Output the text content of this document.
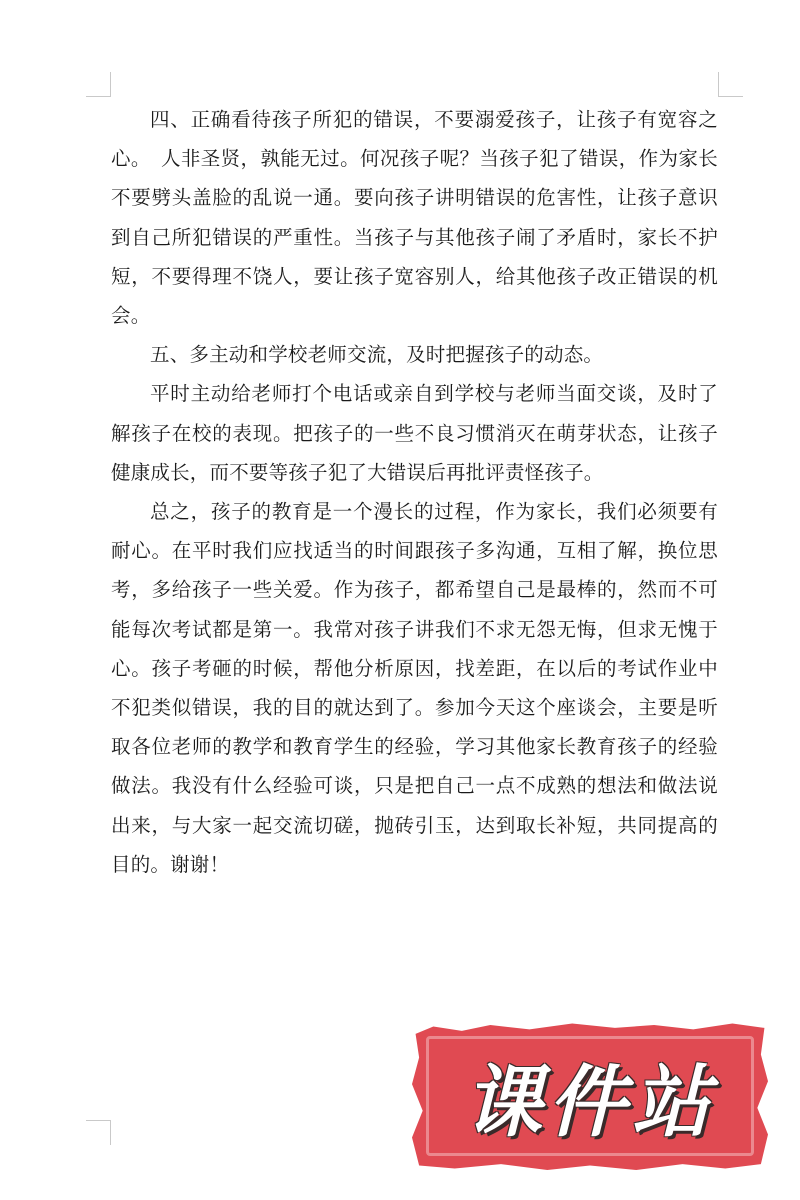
四、正确看待孩子所犯的错误，不要溺爱孩子，让孩子有宽容之心。　人非圣贤，孰能无过。何况孩子呢？当孩子犯了错误，作为家长不要劈头盖脸的乱说一通。要向孩子讲明错误的危害性，让孩子意识到自己所犯错误的严重性。当孩子与其他孩子闹了矛盾时，家长不护短，不要得理不饶人，要让孩子宽容别人，给其他孩子改正错误的机会。

五、多主动和学校老师交流，及时把握孩子的动态。

平时主动给老师打个电话或亲自到学校与老师当面交谈，及时了解孩子在校的表现。把孩子的一些不良习惯消灭在萌芽状态，让孩子健康成长，而不要等孩子犯了大错误后再批评责怪孩子。

总之，孩子的教育是一个漫长的过程，作为家长，我们必须要有耐心。在平时我们应找适当的时间跟孩子多沟通，互相了解，换位思考，多给孩子一些关爱。作为孩子，都希望自己是最棒的，然而不可能每次考试都是第一。我常对孩子讲我们不求无怨无悔，但求无愧于心。孩子考砸的时候，帮他分析原因，找差距，在以后的考试作业中不犯类似错误，我的目的就达到了。参加今天这个座谈会，主要是听取各位老师的教学和教育学生的经验，学习其他家长教育孩子的经验做法。我没有什么经验可谈，只是把自己一点不成熟的想法和做法说出来，与大家一起交流切磋，抛砖引玉，达到取长补短，共同提高的目的。谢谢！

课件站
